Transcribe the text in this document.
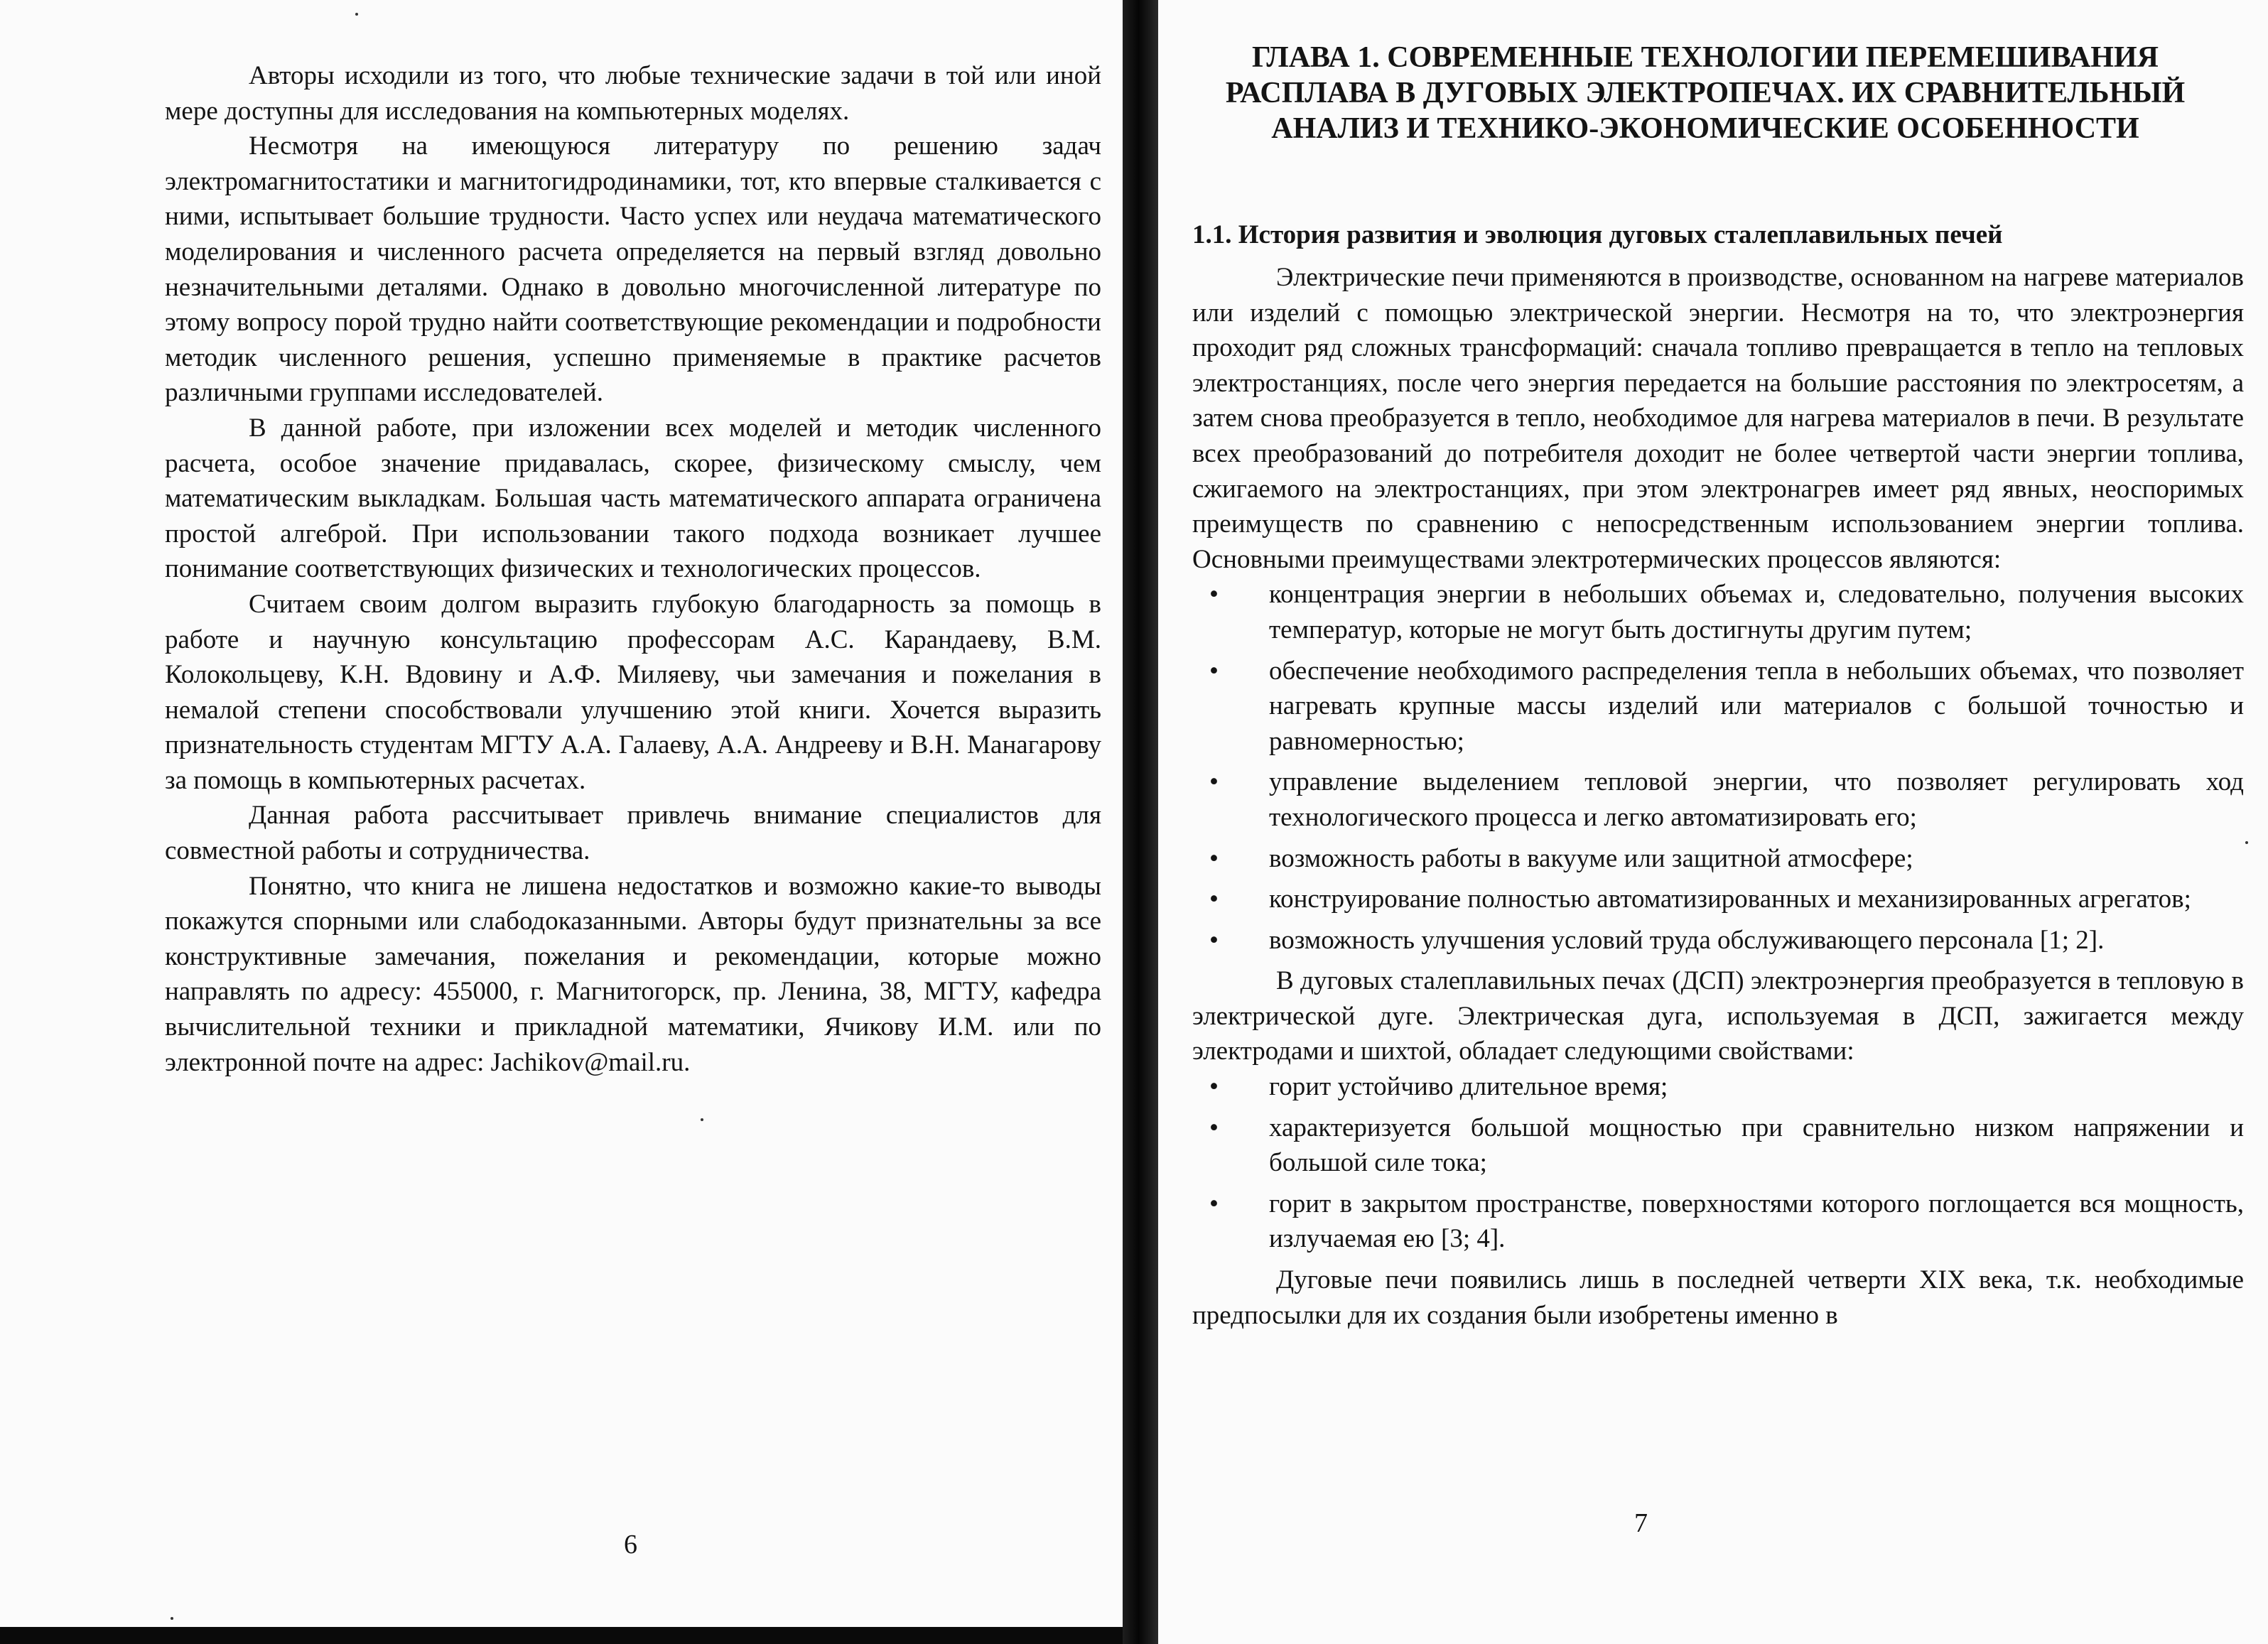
Авторы исходили из того, что любые технические задачи в той или иной мере доступны для исследования на компьютерных моделях.

Несмотря на имеющуюся литературу по решению задач электромагнитостатики и магнитогидродинамики, тот, кто впервые сталкивается с ними, испытывает большие трудности. Часто успех или неудача математического моделирования и численного расчета определяется на первый взгляд довольно незначительными деталями. Однако в довольно многочисленной литературе по этому вопросу порой трудно найти соответствующие рекомендации и подробности методик численного решения, успешно применяемые в практике расчетов различными группами исследователей.

В данной работе, при изложении всех моделей и методик численного расчета, особое значение придавалась, скорее, физическому смыслу, чем математическим выкладкам. Большая часть математического аппарата ограничена простой алгеброй. При использовании такого подхода возникает лучшее понимание соответствующих физических и технологических процессов.

Считаем своим долгом выразить глубокую благодарность за помощь в работе и научную консультацию профессорам А.С. Карандаеву, В.М. Колокольцеву, К.Н. Вдовину и А.Ф. Миляеву, чьи замечания и пожелания в немалой степени способствовали улучшению этой книги. Хочется выразить признательность студентам МГТУ А.А. Галаеву, А.А. Андрееву и В.Н. Манагарову за помощь в компьютерных расчетах.

Данная работа рассчитывает привлечь внимание специалистов для совместной работы и сотрудничества.

Понятно, что книга не лишена недостатков и возможно какие-то выводы покажутся спорными или слабодоказанными. Авторы будут признательны за все конструктивные замечания, пожелания и рекомендации, которые можно направлять по адресу: 455000, г. Магнитогорск, пр. Ленина, 38, МГТУ, кафедра вычислительной техники и прикладной математики, Ячикову И.М. или по электронной почте на адрес: Jachikov@mail.ru.

6
ГЛАВА 1. СОВРЕМЕННЫЕ ТЕХНОЛОГИИ ПЕРЕМЕШИВАНИЯ РАСПЛАВА В ДУГОВЫХ ЭЛЕКТРОПЕЧАХ. ИХ СРАВНИТЕЛЬНЫЙ АНАЛИЗ И ТЕХНИКО-ЭКОНОМИЧЕСКИЕ ОСОБЕННОСТИ
1.1. История развития и эволюция дуговых сталеплавильных печей

Электрические печи применяются в производстве, основанном на нагреве материалов или изделий с помощью электрической энергии. Несмотря на то, что электроэнергия проходит ряд сложных трансформаций: сначала топливо превращается в тепло на тепловых электростанциях, после чего энергия передается на большие расстояния по электросетям, а затем снова преобразуется в тепло, необходимое для нагрева материалов в печи. В результате всех преобразований до потребителя доходит не более четвертой части энергии топлива, сжигаемого на электростанциях, при этом электронагрев имеет ряд явных, неоспоримых преимуществ по сравнению с непосредственным использованием энергии топлива. Основными преимуществами электротермических процессов являются:

• концентрация энергии в небольших объемах и, следовательно, получения высоких температур, которые не могут быть достигнуты другим путем;
• обеспечение необходимого распределения тепла в небольших объемах, что позволяет нагревать крупные массы изделий или материалов с большой точностью и равномерностью;
• управление выделением тепловой энергии, что позволяет регулировать ход технологического процесса и легко автоматизировать его;
• возможность работы в вакууме или защитной атмосфере;
• конструирование полностью автоматизированных и механизированных агрегатов;
• возможность улучшения условий труда обслуживающего персонала [1; 2].

В дуговых сталеплавильных печах (ДСП) электроэнергия преобразуется в тепловую в электрической дуге. Электрическая дуга, используемая в ДСП, зажигается между электродами и шихтой, обладает следующими свойствами:

• горит устойчиво длительное время;
• характеризуется большой мощностью при сравнительно низком напряжении и большой силе тока;
• горит в закрытом пространстве, поверхностями которого поглощается вся мощность, излучаемая ею [3; 4].

Дуговые печи появились лишь в последней четверти XIX века, т.к. необходимые предпосылки для их создания были изобретены именно в

7
